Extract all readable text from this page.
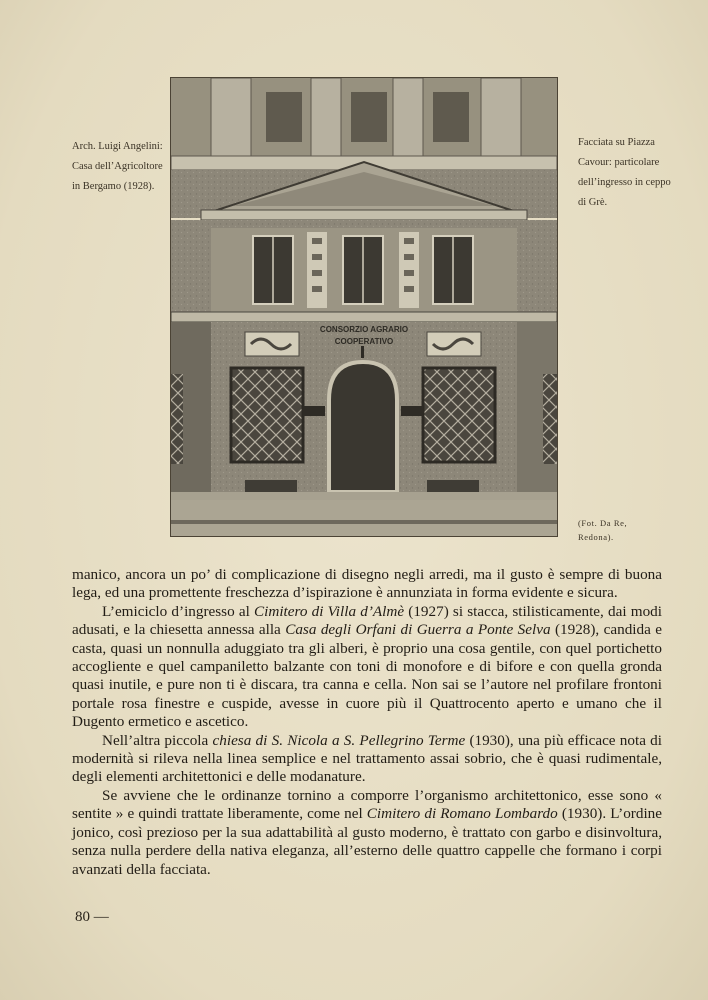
Arch. Luigi Angelini: Casa dell’Agricoltore in Bergamo (1928).
CONSORZIO AGRARIO
COOPERATIVO
Facciata su Piazza Cavour: particolare dell’ingresso in ceppo di Grè.
(Fot. Da Re, Redona).

manico, ancora un po’ di complicazione di disegno negli arredi, ma il gusto è sempre di buona lega, ed una promettente freschezza d’ispirazione è annunziata in forma evidente e sicura.

L’emiciclo d’ingresso al Cimitero di Villa d’Almè (1927) si stacca, stilisticamente, dai modi adusati, e la chiesetta annessa alla Casa degli Orfani di Guerra a Ponte Selva (1928), candida e casta, quasi un nonnulla aduggiato tra gli alberi, è proprio una cosa gentile, con quel portichetto accogliente e quel campaniletto balzante con toni di monofore e di bifore e con quella gronda quasi inutile, e pure non ti è discara, tra canna e cella. Non sai se l’autore nel profilare frontoni portale rosa finestre e cuspide, avesse in cuore più il Quattrocento aperto e umano che il Dugento ermetico e ascetico.

Nell’altra piccola chiesa di S. Nicola a S. Pellegrino Terme (1930), una più efficace nota di modernità si rileva nella linea semplice e nel trattamento assai sobrio, che è quasi rudimentale, degli elementi architettonici e delle modanature.

Se avviene che le ordinanze tornino a comporre l’organismo architettonico, esse sono « sentite » e quindi trattate liberamente, come nel Cimitero di Romano Lombardo (1930). L’ordine jonico, così prezioso per la sua adattabilità al gusto moderno, è trattato con garbo e disinvoltura, senza nulla perdere della nativa eleganza, all’esterno delle quattro cappelle che formano i corpi avanzati della facciata.

80 —
